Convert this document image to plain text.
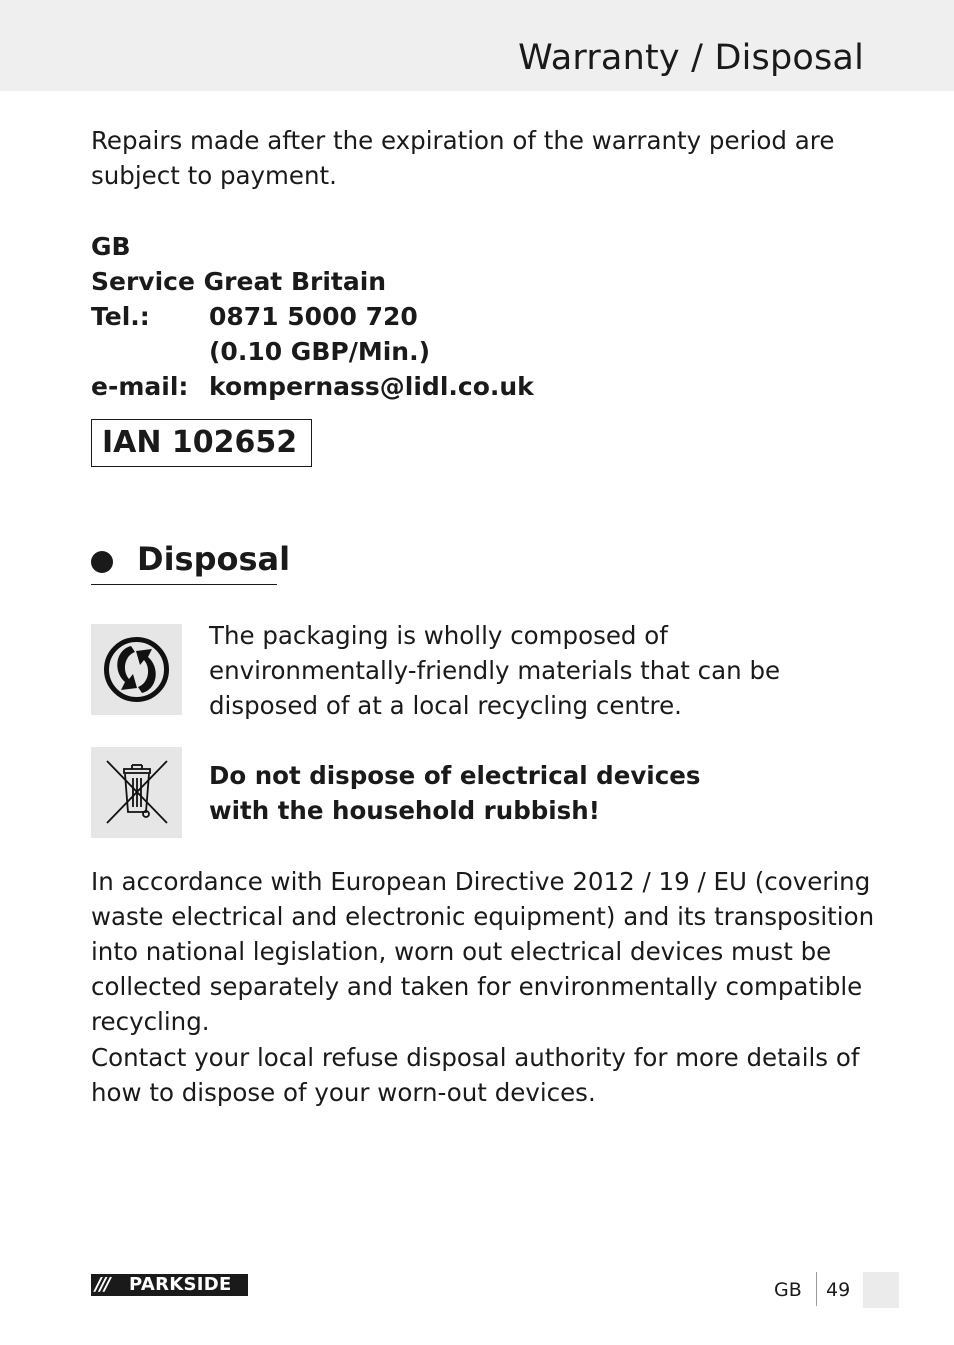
Warranty / Disposal
Repairs made after the expiration of the warranty period are subject to payment.
GB
Service Great Britain
Tel.:	0871 5000 720
(0.10 GBP/Min.)
e-mail: kompernass@lidl.co.uk
IAN 102652
Disposal
The packaging is wholly composed of environmentally-friendly materials that can be disposed of at a local recycling centre.
Do not dispose of electrical devices
with the household rubbish!
In accordance with European Directive 2012 / 19 / EU (covering waste electrical and electronic equipment) and its transposition into national legislation, worn out electrical devices must be collected separately and taken for environmentally compatible recycling.
Contact your local refuse disposal authority for more details of how to dispose of your worn-out devices.
/// PARKSIDE	GB 49
